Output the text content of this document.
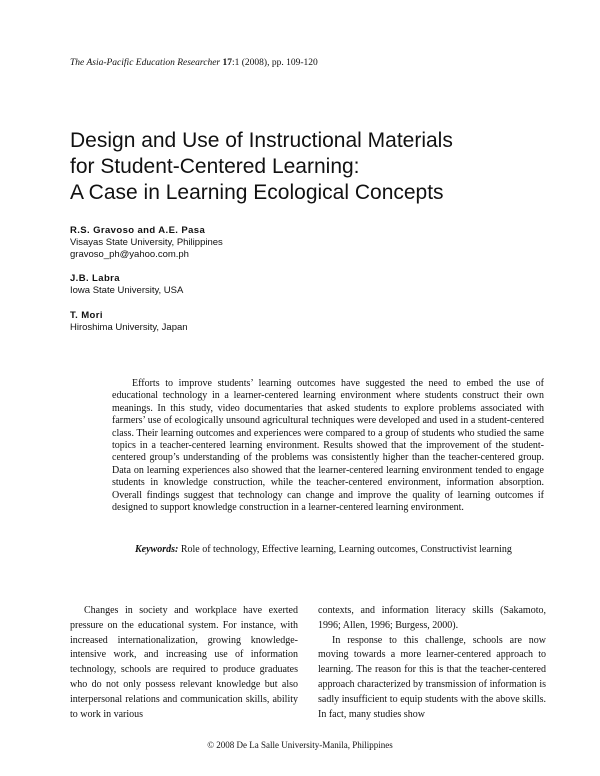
The Asia-Pacific Education Researcher 17:1 (2008), pp. 109-120
Design and Use of Instructional Materials
for Student-Centered Learning:
A Case in Learning Ecological Concepts
R.S. Gravoso and A.E. Pasa
Visayas State University, Philippines
gravoso_ph@yahoo.com.ph
J.B. Labra
Iowa State University, USA
T. Mori
Hiroshima University, Japan
Efforts to improve students’ learning outcomes have suggested the need to embed the use of educational technology in a learner-centered learning environment where students construct their own meanings. In this study, video documentaries that asked students to explore problems associated with farmers’ use of ecologically unsound agricultural techniques were developed and used in a student-centered class. Their learning outcomes and experiences were compared to a group of students who studied the same topics in a teacher-centered learning environment. Results showed that the improvement of the student-centered group’s understanding of the problems was consistently higher than the teacher-centered group. Data on learning experiences also showed that the learner-centered learning environment tended to engage students in knowledge construction, while the teacher-centered environment, information absorption. Overall findings suggest that technology can change and improve the quality of learning outcomes if designed to support knowledge construction in a learner-centered learning environment.
Keywords: Role of technology, Effective learning, Learning outcomes, Constructivist learning

Changes in society and workplace have exerted pressure on the educational system. For instance, with increased internationalization, growing knowledge-intensive work, and increasing use of information technology, schools are required to produce graduates who do not only possess relevant knowledge but also interpersonal relations and communication skills, ability to work in various

contexts, and information literacy skills (Sakamoto, 1996; Allen, 1996; Burgess, 2000).

In response to this challenge, schools are now moving towards a more learner-centered approach to learning. The reason for this is that the teacher-centered approach characterized by transmission of information is sadly insufficient to equip students with the above skills. In fact, many studies show

© 2008 De La Salle University-Manila, Philippines
